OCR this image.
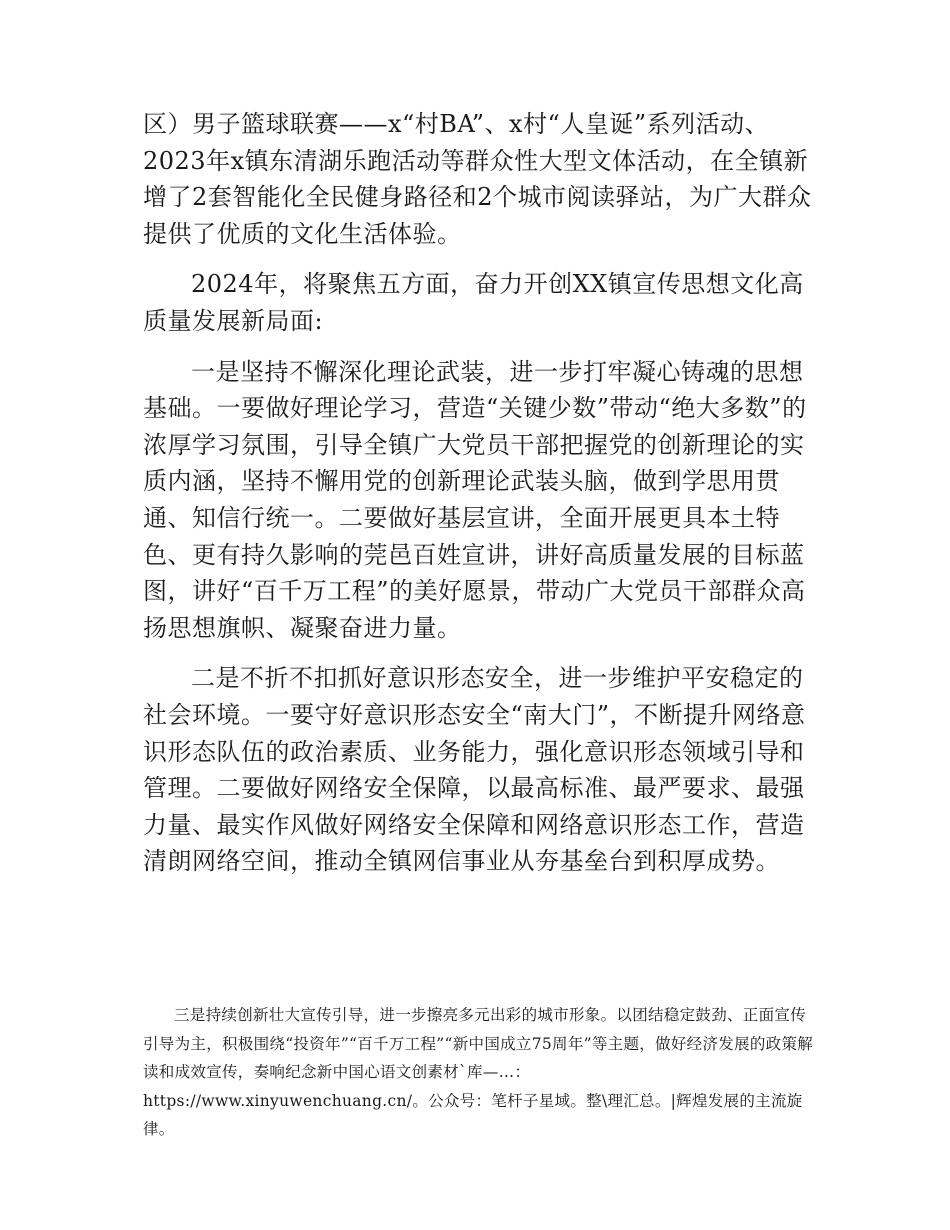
区）男子篮球联赛——x“村BA”、x村“人皇诞”系列活动、2023年x镇东清湖乐跑活动等群众性大型文体活动，在全镇新增了2套智能化全民健身路径和2个城市阅读驿站，为广大群众提供了优质的文化生活体验。

2024年，将聚焦五方面，奋力开创XX镇宣传思想文化高质量发展新局面:

一是坚持不懈深化理论武装，进一步打牢凝心铸魂的思想基础。一要做好理论学习，营造“关键少数”带动“绝大多数”的浓厚学习氛围，引导全镇广大党员干部把握党的创新理论的实质内涵，坚持不懈用党的创新理论武装头脑，做到学思用贯通、知信行统一。二要做好基层宣讲，全面开展更具本土特色、更有持久影响的莞邑百姓宣讲，讲好高质量发展的目标蓝图，讲好“百千万工程”的美好愿景，带动广大党员干部群众高扬思想旗帜、凝聚奋进力量。

二是不折不扣抓好意识形态安全，进一步维护平安稳定的社会环境。一要守好意识形态安全“南大门”，不断提升网络意识形态队伍的政治素质、业务能力，强化意识形态领域引导和管理。二要做好网络安全保障，以最高标准、最严要求、最强力量、最实作风做好网络安全保障和网络意识形态工作，营造清朗网络空间，推动全镇网信事业从夯基垒台到积厚成势。

三是持续创新壮大宣传引导，进一步擦亮多元出彩的城市形象。以团结稳定鼓劲、正面宣传引导为主，积极围绕“投资年”“百千万工程”“新中国成立75周年”等主题，做好经济发展的政策解读和成效宣传，奏响纪念新中国心语文创素材`库—…：https://www.xinyuwenchuang.cn/。公众号：笔杆子星域。整\理汇总。|辉煌发展的主流旋律。
